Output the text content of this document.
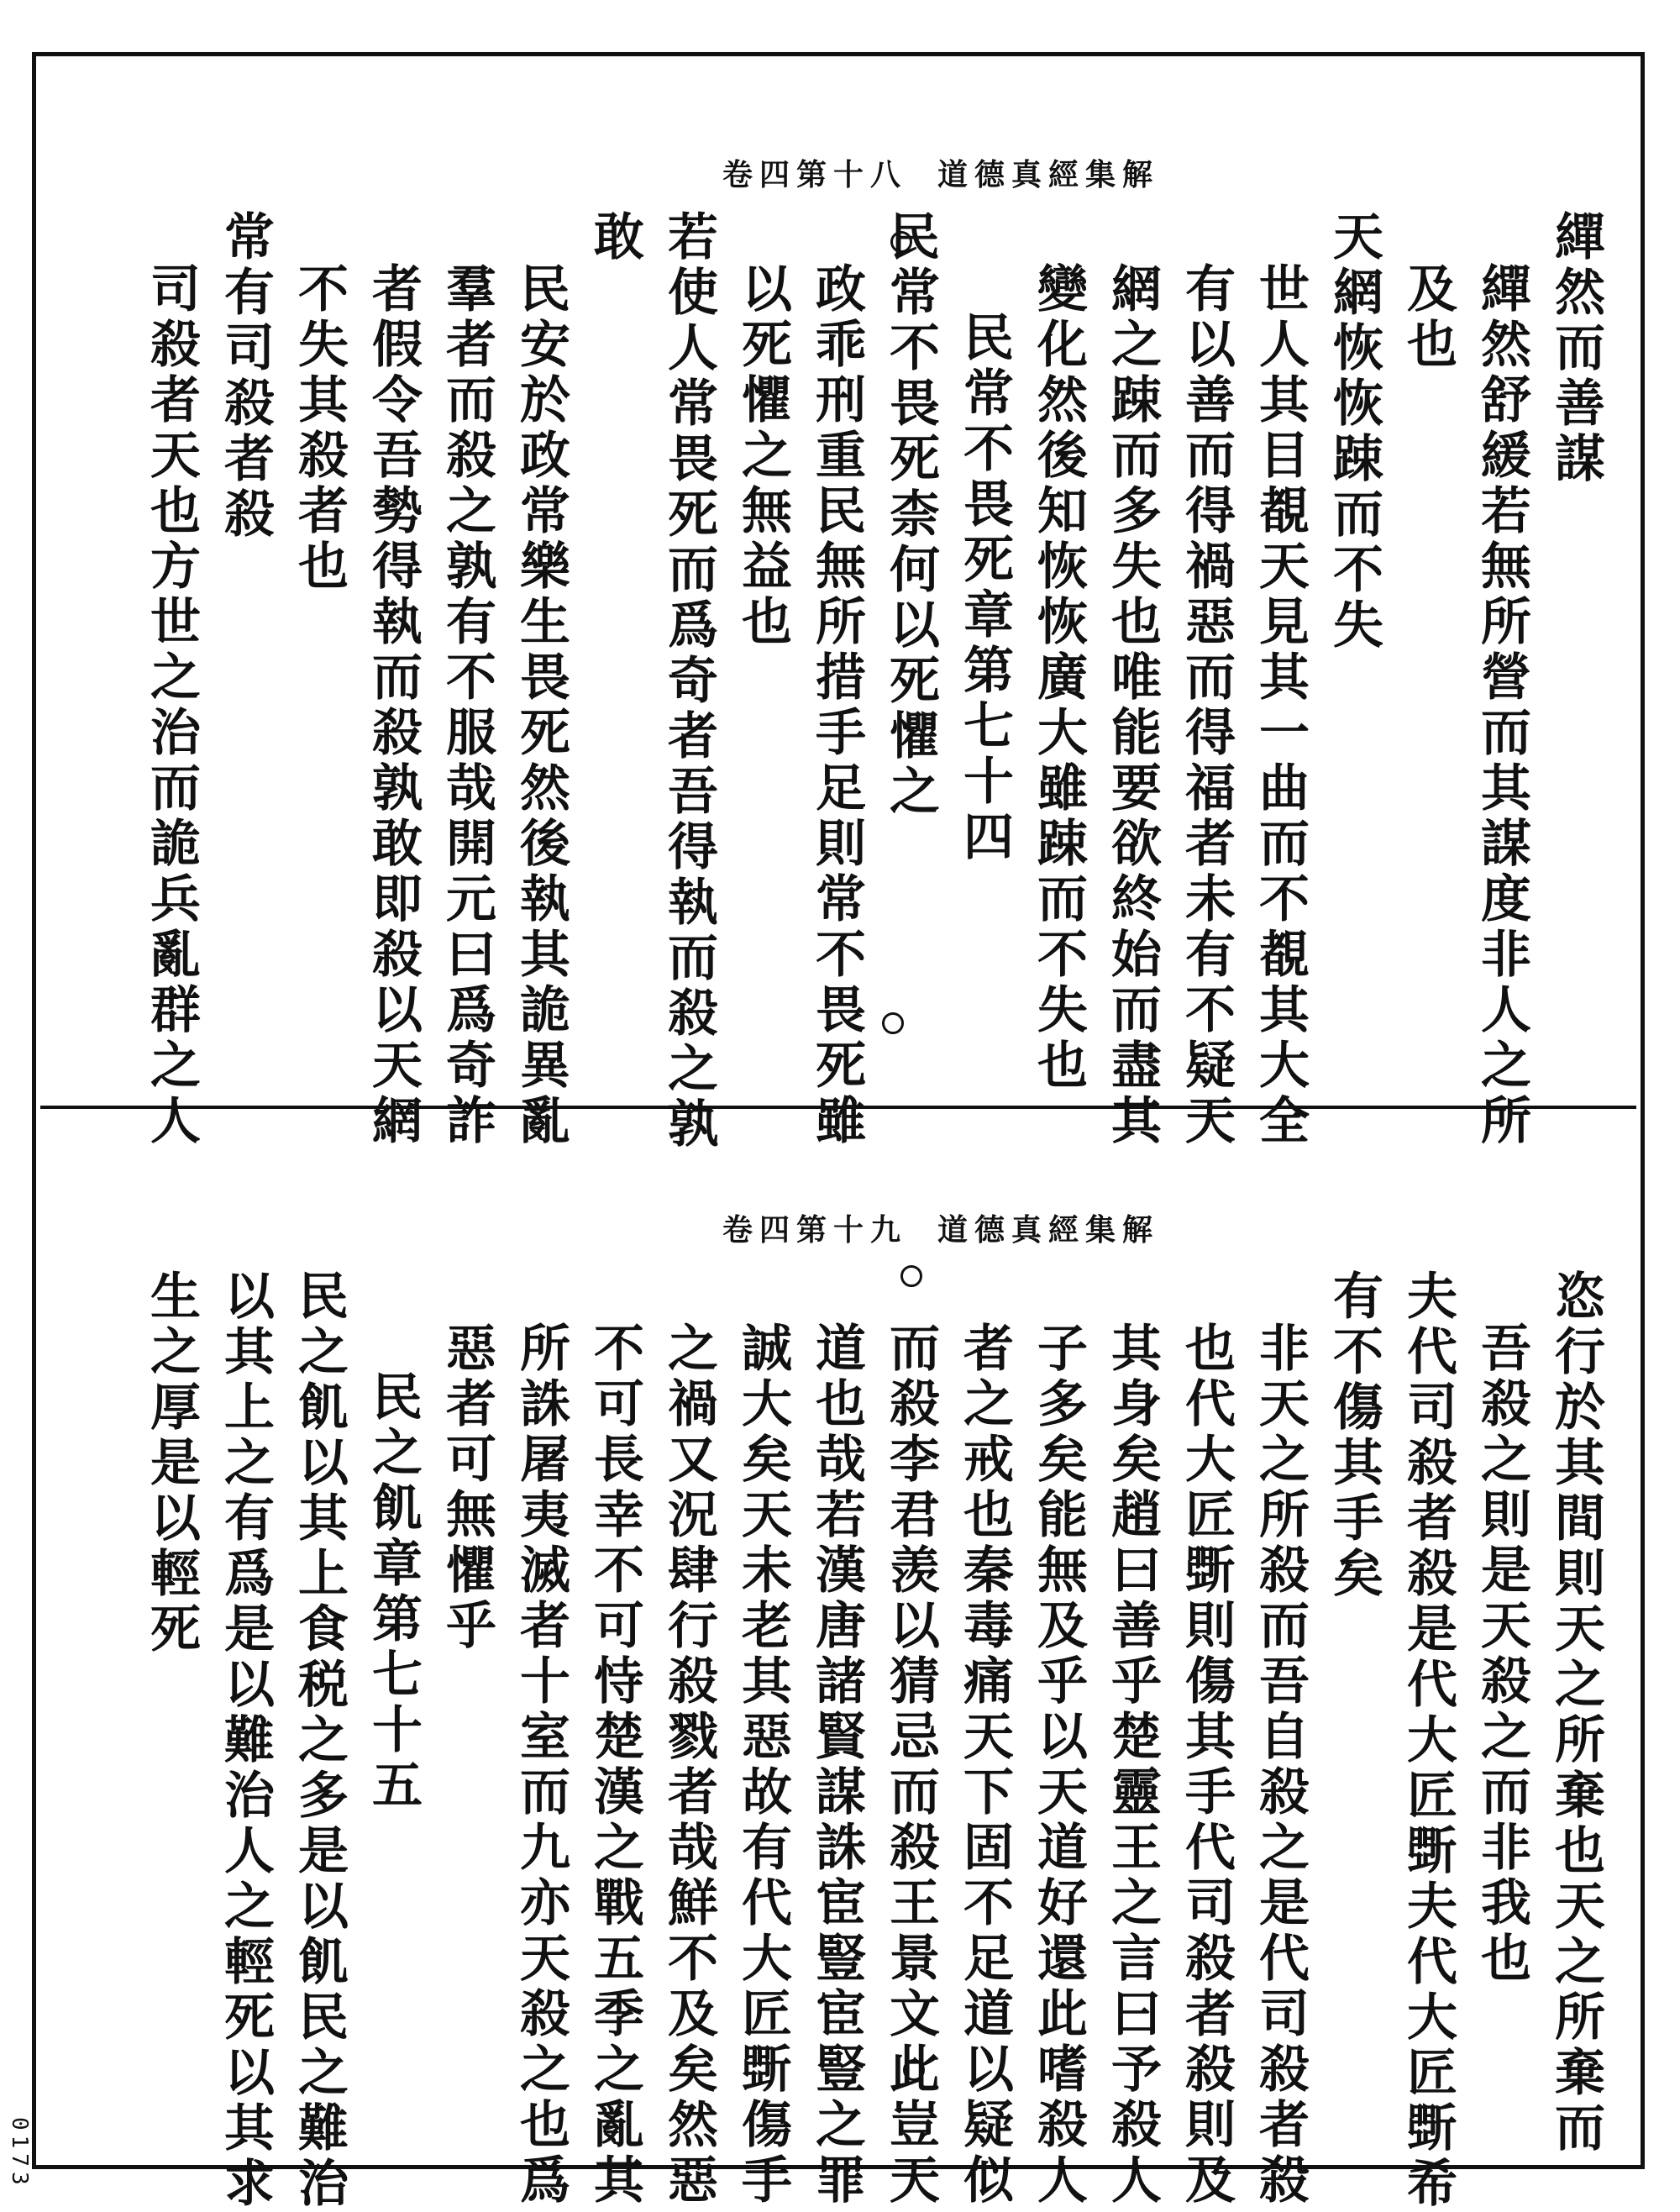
道德真經集解
卷四第十八
繟然而善謀
繟然舒緩若無所營而其謀度非人之所
及也
天網恢恢踈而不失
世人其目覩天見其一曲而不覩其大全
有以善而得禍惡而得福者未有不疑天
網之踈而多失也唯能要欲終始而盡其
變化然後知恢恢廣大雖踈而不失也
民常不畏死章第七十四
民常不畏死柰何以死懼之
政乖刑重民無所措手足則常不畏死雖
以死懼之無益也
若使人常畏死而爲奇者吾得執而殺之孰
敢
民安於政常樂生畏死然後執其詭異亂
羣者而殺之孰有不服哉開元曰爲奇詐
者假令吾勢得執而殺孰敢即殺以天網
不失其殺者也
常有司殺者殺
司殺者天也方世之治而詭兵亂群之人
道德真經集解
卷四第十九
恣行於其間則天之所棄也天之所棄而
吾殺之則是天殺之而非我也
夫代司殺者殺是代大匠斲夫代大匠斲希
有不傷其手矣
非天之所殺而吾自殺之是代司殺者殺
也代大匠斲則傷其手代司殺者殺則及
其身矣趙曰善乎楚靈王之言曰予殺人
子多矣能無及乎以天道好還此嗜殺人
者之戒也秦毒痛天下固不足道以疑似
而殺李君羡以猜忌而殺王景文此豈天
道也哉若漢唐諸賢謀誅宦豎宦豎之罪
誠大矣天未老其惡故有代大匠斲傷手
之禍又況肆行殺戮者哉鮮不及矣然惡
不可長幸不可恃楚漢之戰五季之亂其
所誅屠夷滅者十室而九亦天殺之也爲
惡者可無懼乎
民之飢章第七十五
民之飢以其上食税之多是以飢民之難治
以其上之有爲是以難治人之輕死以其求
生之厚是以輕死
0173
